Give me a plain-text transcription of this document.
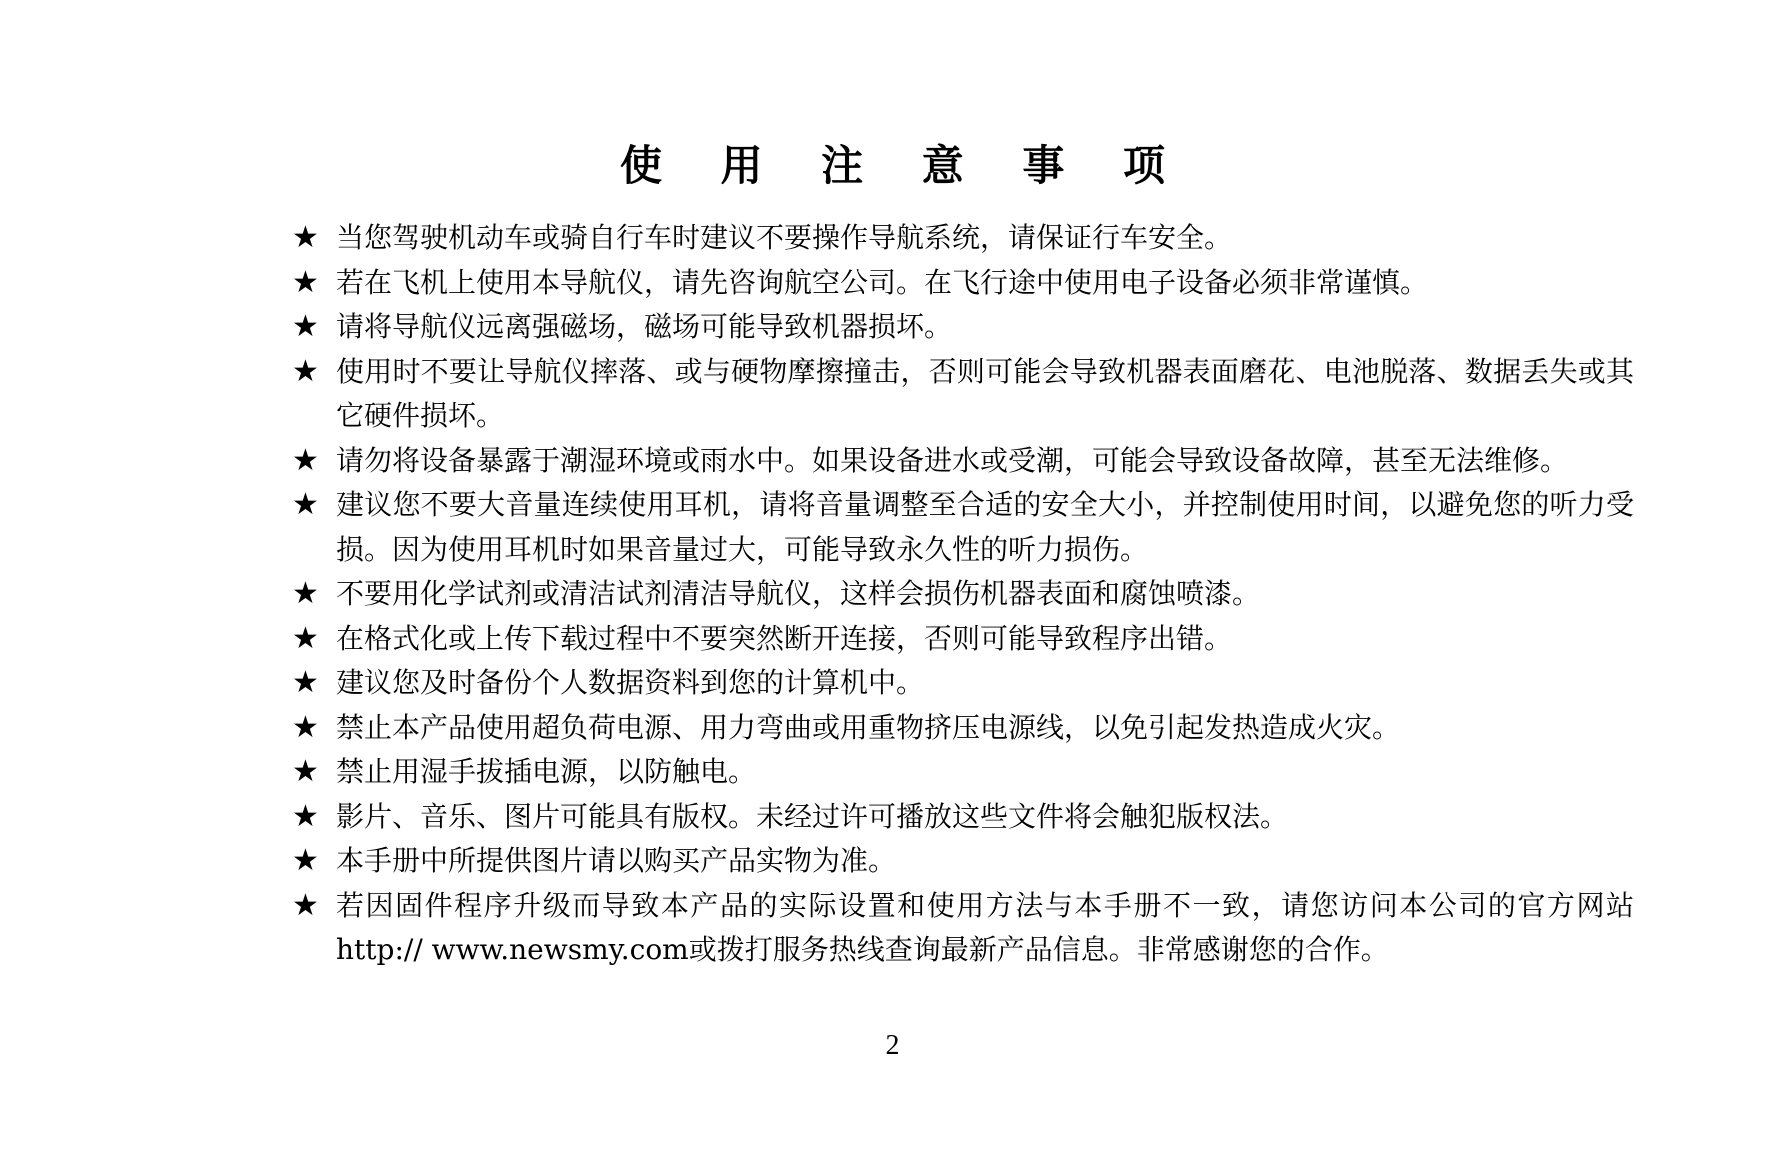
使 用 注 意 事 项
★ 当您驾驶机动车或骑自行车时建议不要操作导航系统，请保证行车安全。
★ 若在飞机上使用本导航仪，请先咨询航空公司。在飞行途中使用电子设备必须非常谨慎。
★ 请将导航仪远离强磁场，磁场可能导致机器损坏。
★ 使用时不要让导航仪摔落、或与硬物摩擦撞击，否则可能会导致机器表面磨花、电池脱落、数据丢失或其它硬件损坏。
★ 请勿将设备暴露于潮湿环境或雨水中。如果设备进水或受潮，可能会导致设备故障，甚至无法维修。
★ 建议您不要大音量连续使用耳机，请将音量调整至合适的安全大小，并控制使用时间，以避免您的听力受损。因为使用耳机时如果音量过大，可能导致永久性的听力损伤。
★ 不要用化学试剂或清洁试剂清洁导航仪，这样会损伤机器表面和腐蚀喷漆。
★ 在格式化或上传下载过程中不要突然断开连接，否则可能导致程序出错。
★ 建议您及时备份个人数据资料到您的计算机中。
★ 禁止本产品使用超负荷电源、用力弯曲或用重物挤压电源线，以免引起发热造成火灾。
★ 禁止用湿手拔插电源，以防触电。
★ 影片、音乐、图片可能具有版权。未经过许可播放这些文件将会触犯版权法。
★ 本手册中所提供图片请以购买产品实物为准。
★ 若因固件程序升级而导致本产品的实际设置和使用方法与本手册不一致，请您访问本公司的官方网站http:// www.newsmy.com或拨打服务热线查询最新产品信息。非常感谢您的合作。
2
